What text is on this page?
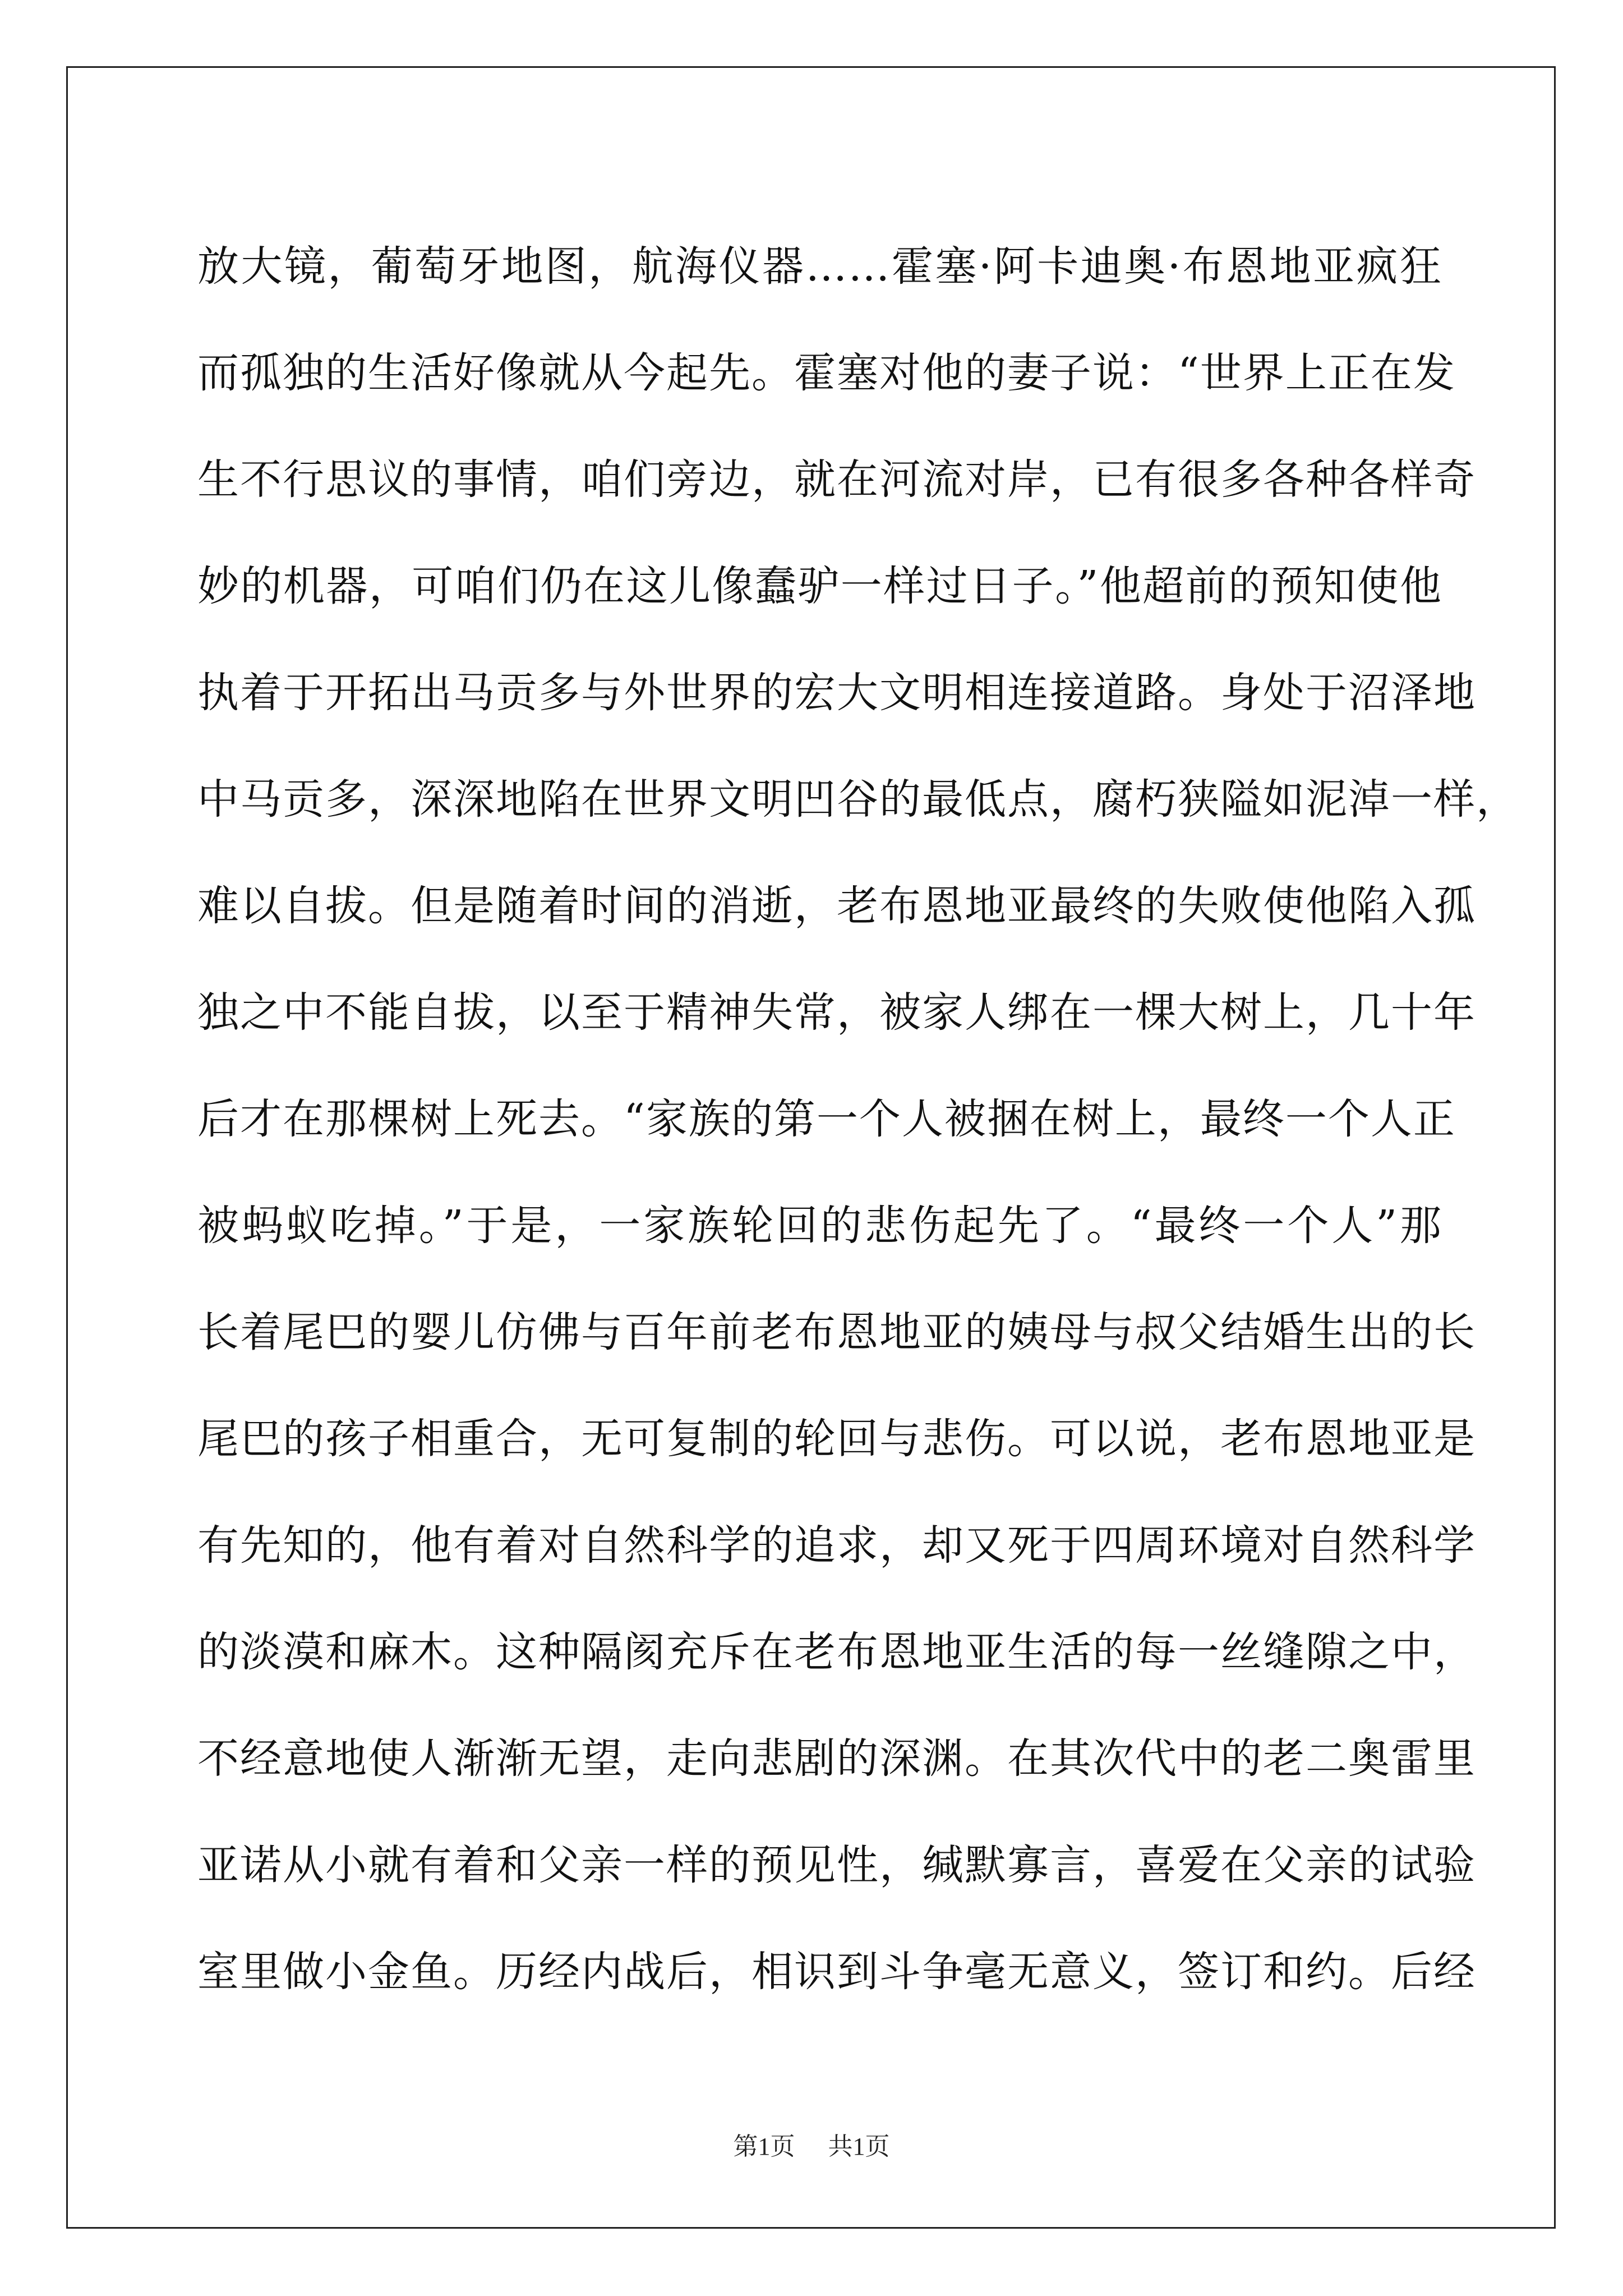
放大镜，葡萄牙地图，航海仪器……霍塞·阿卡迪奥·布恩地亚疯狂
而孤独的生活好像就从今起先。霍塞对他的妻子说：“世界上正在发
生不行思议的事情，咱们旁边，就在河流对岸，已有很多各种各样奇
妙的机器，可咱们仍在这儿像蠢驴一样过日子。”他超前的预知使他
执着于开拓出马贡多与外世界的宏大文明相连接道路。身处于沼泽地
中马贡多，深深地陷在世界文明凹谷的最低点，腐朽狭隘如泥淖一样，
难以自拔。但是随着时间的消逝，老布恩地亚最终的失败使他陷入孤
独之中不能自拔，以至于精神失常，被家人绑在一棵大树上，几十年
后才在那棵树上死去。“家族的第一个人被捆在树上，最终一个人正
被蚂蚁吃掉。”于是，一家族轮回的悲伤起先了。“最终一个人”那
长着尾巴的婴儿仿佛与百年前老布恩地亚的姨母与叔父结婚生出的长
尾巴的孩子相重合，无可复制的轮回与悲伤。可以说，老布恩地亚是
有先知的，他有着对自然科学的追求，却又死于四周环境对自然科学
的淡漠和麻木。这种隔阂充斥在老布恩地亚生活的每一丝缝隙之中，
不经意地使人渐渐无望，走向悲剧的深渊。在其次代中的老二奥雷里
亚诺从小就有着和父亲一样的预见性，缄默寡言，喜爱在父亲的试验
室里做小金鱼。历经内战后，相识到斗争毫无意义，签订和约。后经
第1页 共1页
